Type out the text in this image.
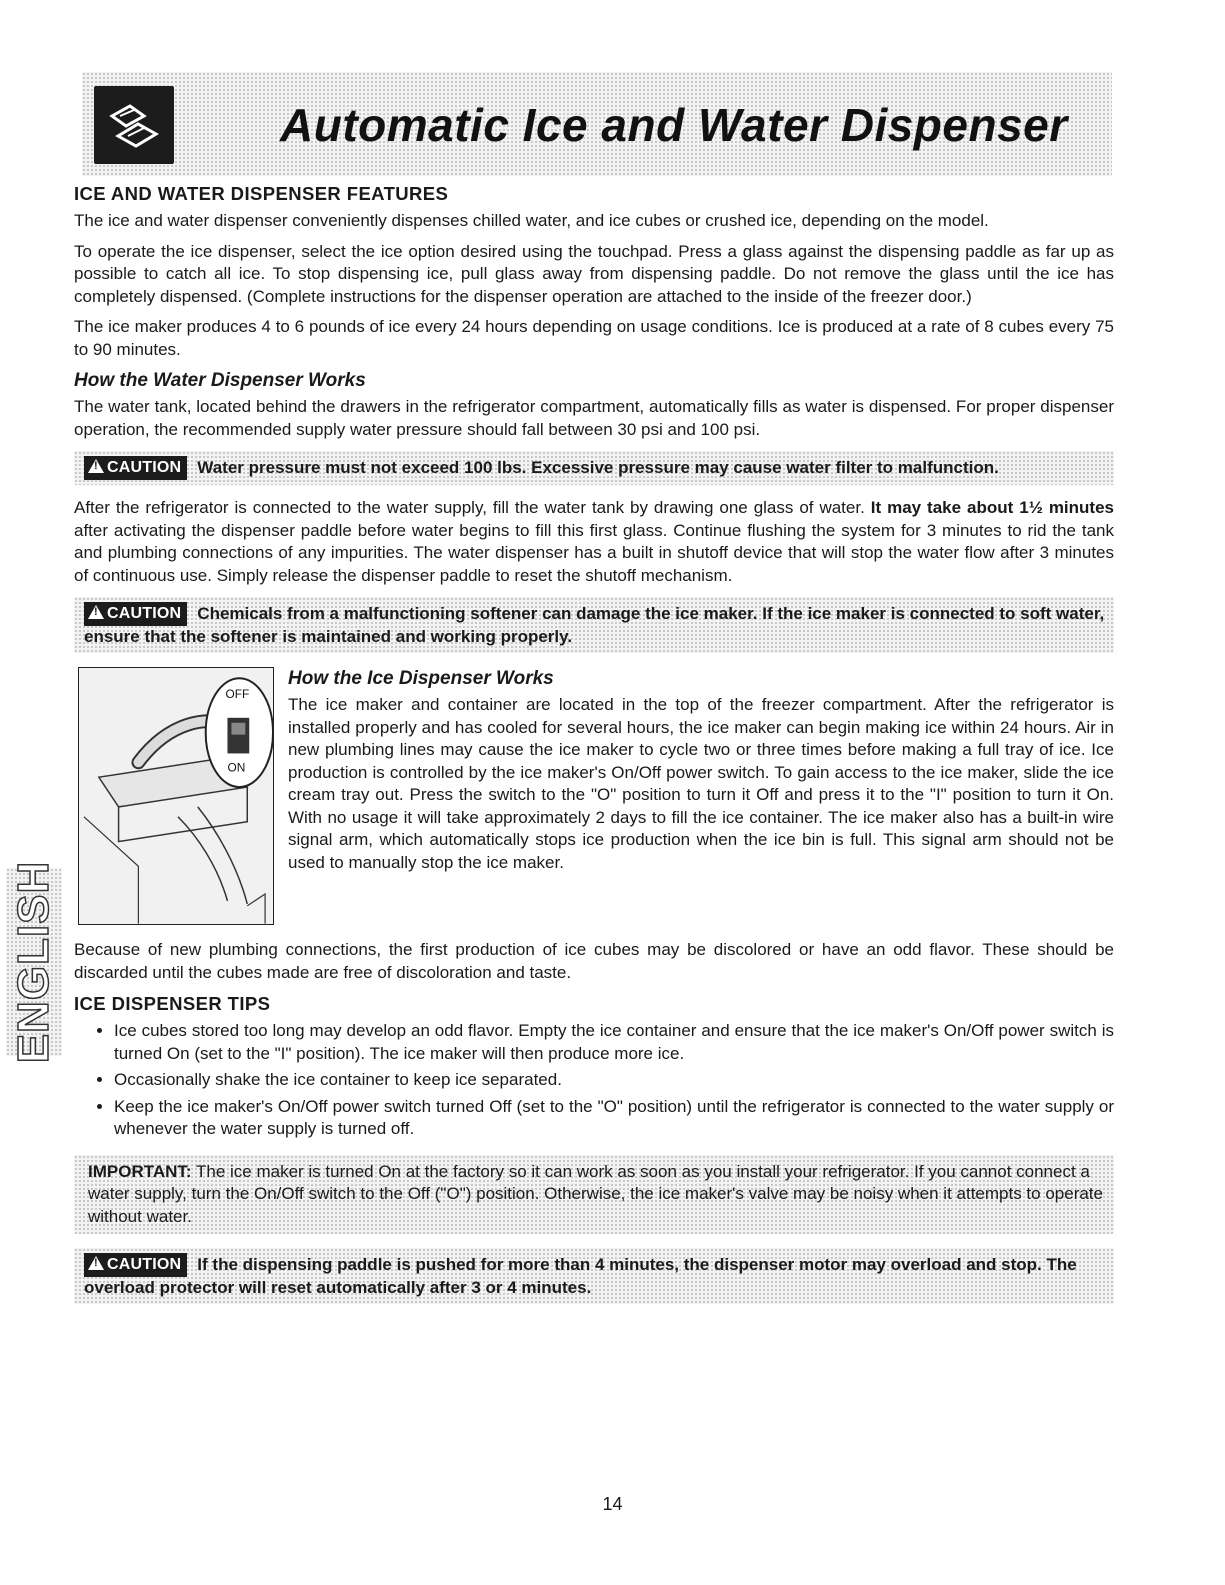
Automatic Ice and Water Dispenser
ENGLISH
ICE AND WATER DISPENSER FEATURES

The ice and water dispenser conveniently dispenses chilled water, and ice cubes or crushed ice, depending on the model.

To operate the ice dispenser, select the ice option desired using the touchpad. Press a glass against the dispensing paddle as far up as possible to catch all ice. To stop dispensing ice, pull glass away from dispensing paddle. Do not remove the glass until the ice has completely dispensed. (Complete instructions for the dispenser operation are attached to the inside of the freezer door.)

The ice maker produces 4 to 6 pounds of ice every 24 hours depending on usage conditions. Ice is produced at a rate of 8 cubes every 75 to 90 minutes.

How the Water Dispenser Works

The water tank, located behind the drawers in the refrigerator compartment, automatically fills as water is dispensed. For proper dispenser operation, the recommended supply water pressure should fall between 30 psi and 100 psi.

!CAUTION Water pressure must not exceed 100 lbs. Excessive pressure may cause water filter to malfunction.

After the refrigerator is connected to the water supply, fill the water tank by drawing one glass of water. It may take about 1½ minutes after activating the dispenser paddle before water begins to fill this first glass. Continue flushing the system for 3 minutes to rid the tank and plumbing connections of any impurities. The water dispenser has a built in shutoff device that will stop the water flow after 3 minutes of continuous use. Simply release the dispenser paddle to reset the shutoff mechanism.

!CAUTION Chemicals from a malfunctioning softener can damage the ice maker. If the ice maker is connected to soft water, ensure that the softener is maintained and working properly.
OFF
ON
How the Ice Dispenser Works

The ice maker and container are located in the top of the freezer compartment. After the refrigerator is installed properly and has cooled for several hours, the ice maker can begin making ice within 24 hours. Air in new plumbing lines may cause the ice maker to cycle two or three times before making a full tray of ice. Ice production is controlled by the ice maker's On/Off power switch. To gain access to the ice maker, slide the ice cream tray out. Press the switch to the "O" position to turn it Off and press it to the "I" position to turn it On. With no usage it will take approximately 2 days to fill the ice container. The ice maker also has a built-in wire signal arm, which automatically stops ice production when the ice bin is full. This signal arm should not be used to manually stop the ice maker.

Because of new plumbing connections, the first production of ice cubes may be discolored or have an odd flavor. These should be discarded until the cubes made are free of discoloration and taste.

ICE DISPENSER TIPS
• Ice cubes stored too long may develop an odd flavor. Empty the ice container and ensure that the ice maker's On/Off power switch is turned On (set to the "I" position). The ice maker will then produce more ice.
• Occasionally shake the ice container to keep ice separated.
• Keep the ice maker's On/Off power switch turned Off (set to the "O" position) until the refrigerator is connected to the water supply or whenever the water supply is turned off.
IMPORTANT: The ice maker is turned On at the factory so it can work as soon as you install your refrigerator. If you cannot connect a water supply, turn the On/Off switch to the Off ("O") position. Otherwise, the ice maker's valve may be noisy when it attempts to operate without water.
!CAUTION If the dispensing paddle is pushed for more than 4 minutes, the dispenser motor may overload and stop. The overload protector will reset automatically after 3 or 4 minutes.
14
